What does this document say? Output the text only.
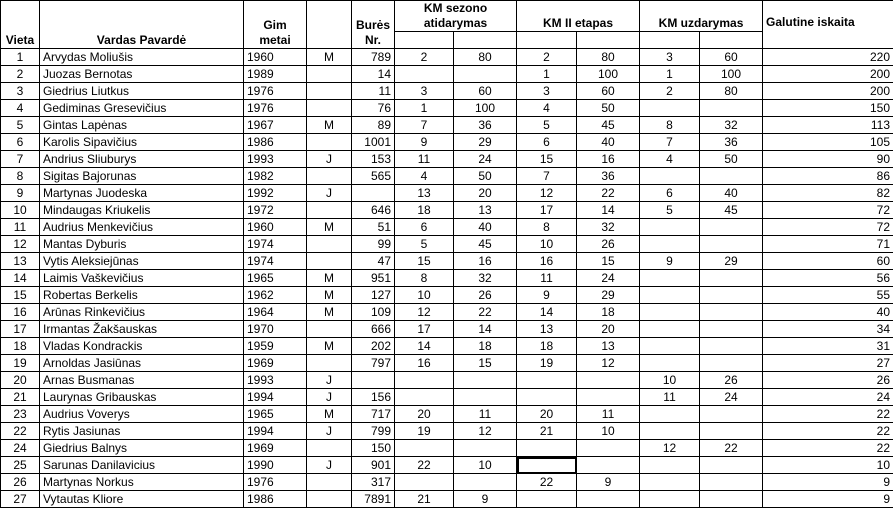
Vieta	Vardas Pavardė	Gim metai		Burės Nr.	KM sezono atidarymas		KM II etapas		KM uzdarymas		Galutine iskaita

1	Arvydas Moliušis	1960	M	789	2	80	2	80	3	60	220
2	Juozas Bernotas	1989		14			1	100	1	100	200
3	Giedrius Liutkus	1976		11	3	60	3	60	2	80	200
4	Gediminas Gresevičius	1976		76	1	100	4	50			150
5	Gintas Lapėnas	1967	M	89	7	36	5	45	8	32	113
6	Karolis Sipavičius	1986		1001	9	29	6	40	7	36	105
7	Andrius Sliuburys	1993	J	153	11	24	15	16	4	50	90
8	Sigitas Bajorunas	1982		565	4	50	7	36			86
9	Martynas Juodeska	1992	J		13	20	12	22	6	40	82
10	Mindaugas Kriukelis	1972		646	18	13	17	14	5	45	72
11	Audrius Menkevičius	1960	M	51	6	40	8	32			72
12	Mantas Dyburis	1974		99	5	45	10	26			71
13	Vytis Aleksiejūnas	1974		47	15	16	16	15	9	29	60
14	Laimis Vaškevičius	1965	M	951	8	32	11	24			56
15	Robertas Berkelis	1962	M	127	10	26	9	29			55
16	Arūnas Rinkevičius	1964	M	109	12	22	14	18			40
17	Irmantas Žakšauskas	1970		666	17	14	13	20			34
18	Vladas Kondrackis	1959	M	202	14	18	18	13			31
19	Arnoldas Jasiūnas	1969		797	16	15	19	12			27
20	Arnas Busmanas	1993	J						10	26	26
21	Laurynas Gribauskas	1994	J	156					11	24	24
23	Audrius Voverys	1965	M	717	20	11	20	11			22
22	Rytis Jasiunas	1994	J	799	19	12	21	10			22
24	Giedrius Balnys	1969		150					12	22	22
25	Sarunas Danilavicius	1990	J	901	22	10					10
26	Martynas Norkus	1976		317			22	9			9
27	Vytautas Kliore	1986		7891	21	9					9
